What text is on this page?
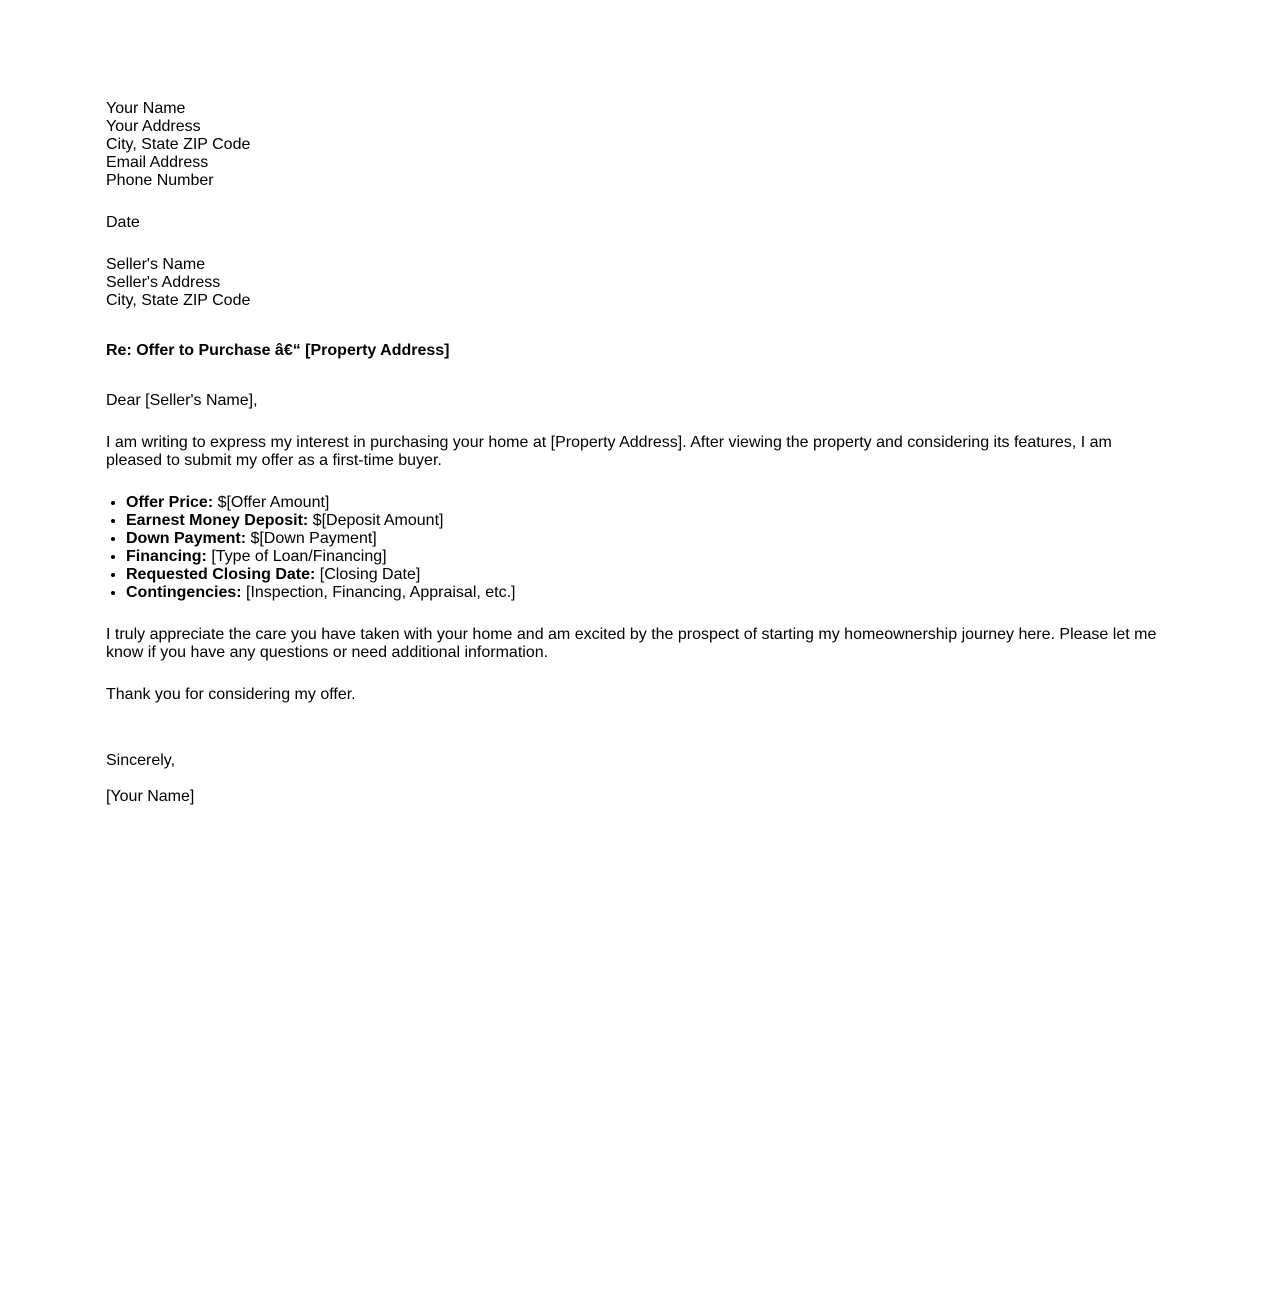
Your Name
Your Address
City, State ZIP Code
Email Address
Phone Number
Date
Seller's Name
Seller's Address
City, State ZIP Code
Re: Offer to Purchase â€“ [Property Address]
Dear [Seller's Name],
I am writing to express my interest in purchasing your home at [Property Address]. After viewing the property and considering its features, I am pleased to submit my offer as a first-time buyer.
• Offer Price: $[Offer Amount]
• Earnest Money Deposit: $[Deposit Amount]
• Down Payment: $[Down Payment]
• Financing: [Type of Loan/Financing]
• Requested Closing Date: [Closing Date]
• Contingencies: [Inspection, Financing, Appraisal, etc.]
I truly appreciate the care you have taken with your home and am excited by the prospect of starting my homeownership journey here. Please let me know if you have any questions or need additional information.
Thank you for considering my offer.
Sincerely,
[Your Name]
